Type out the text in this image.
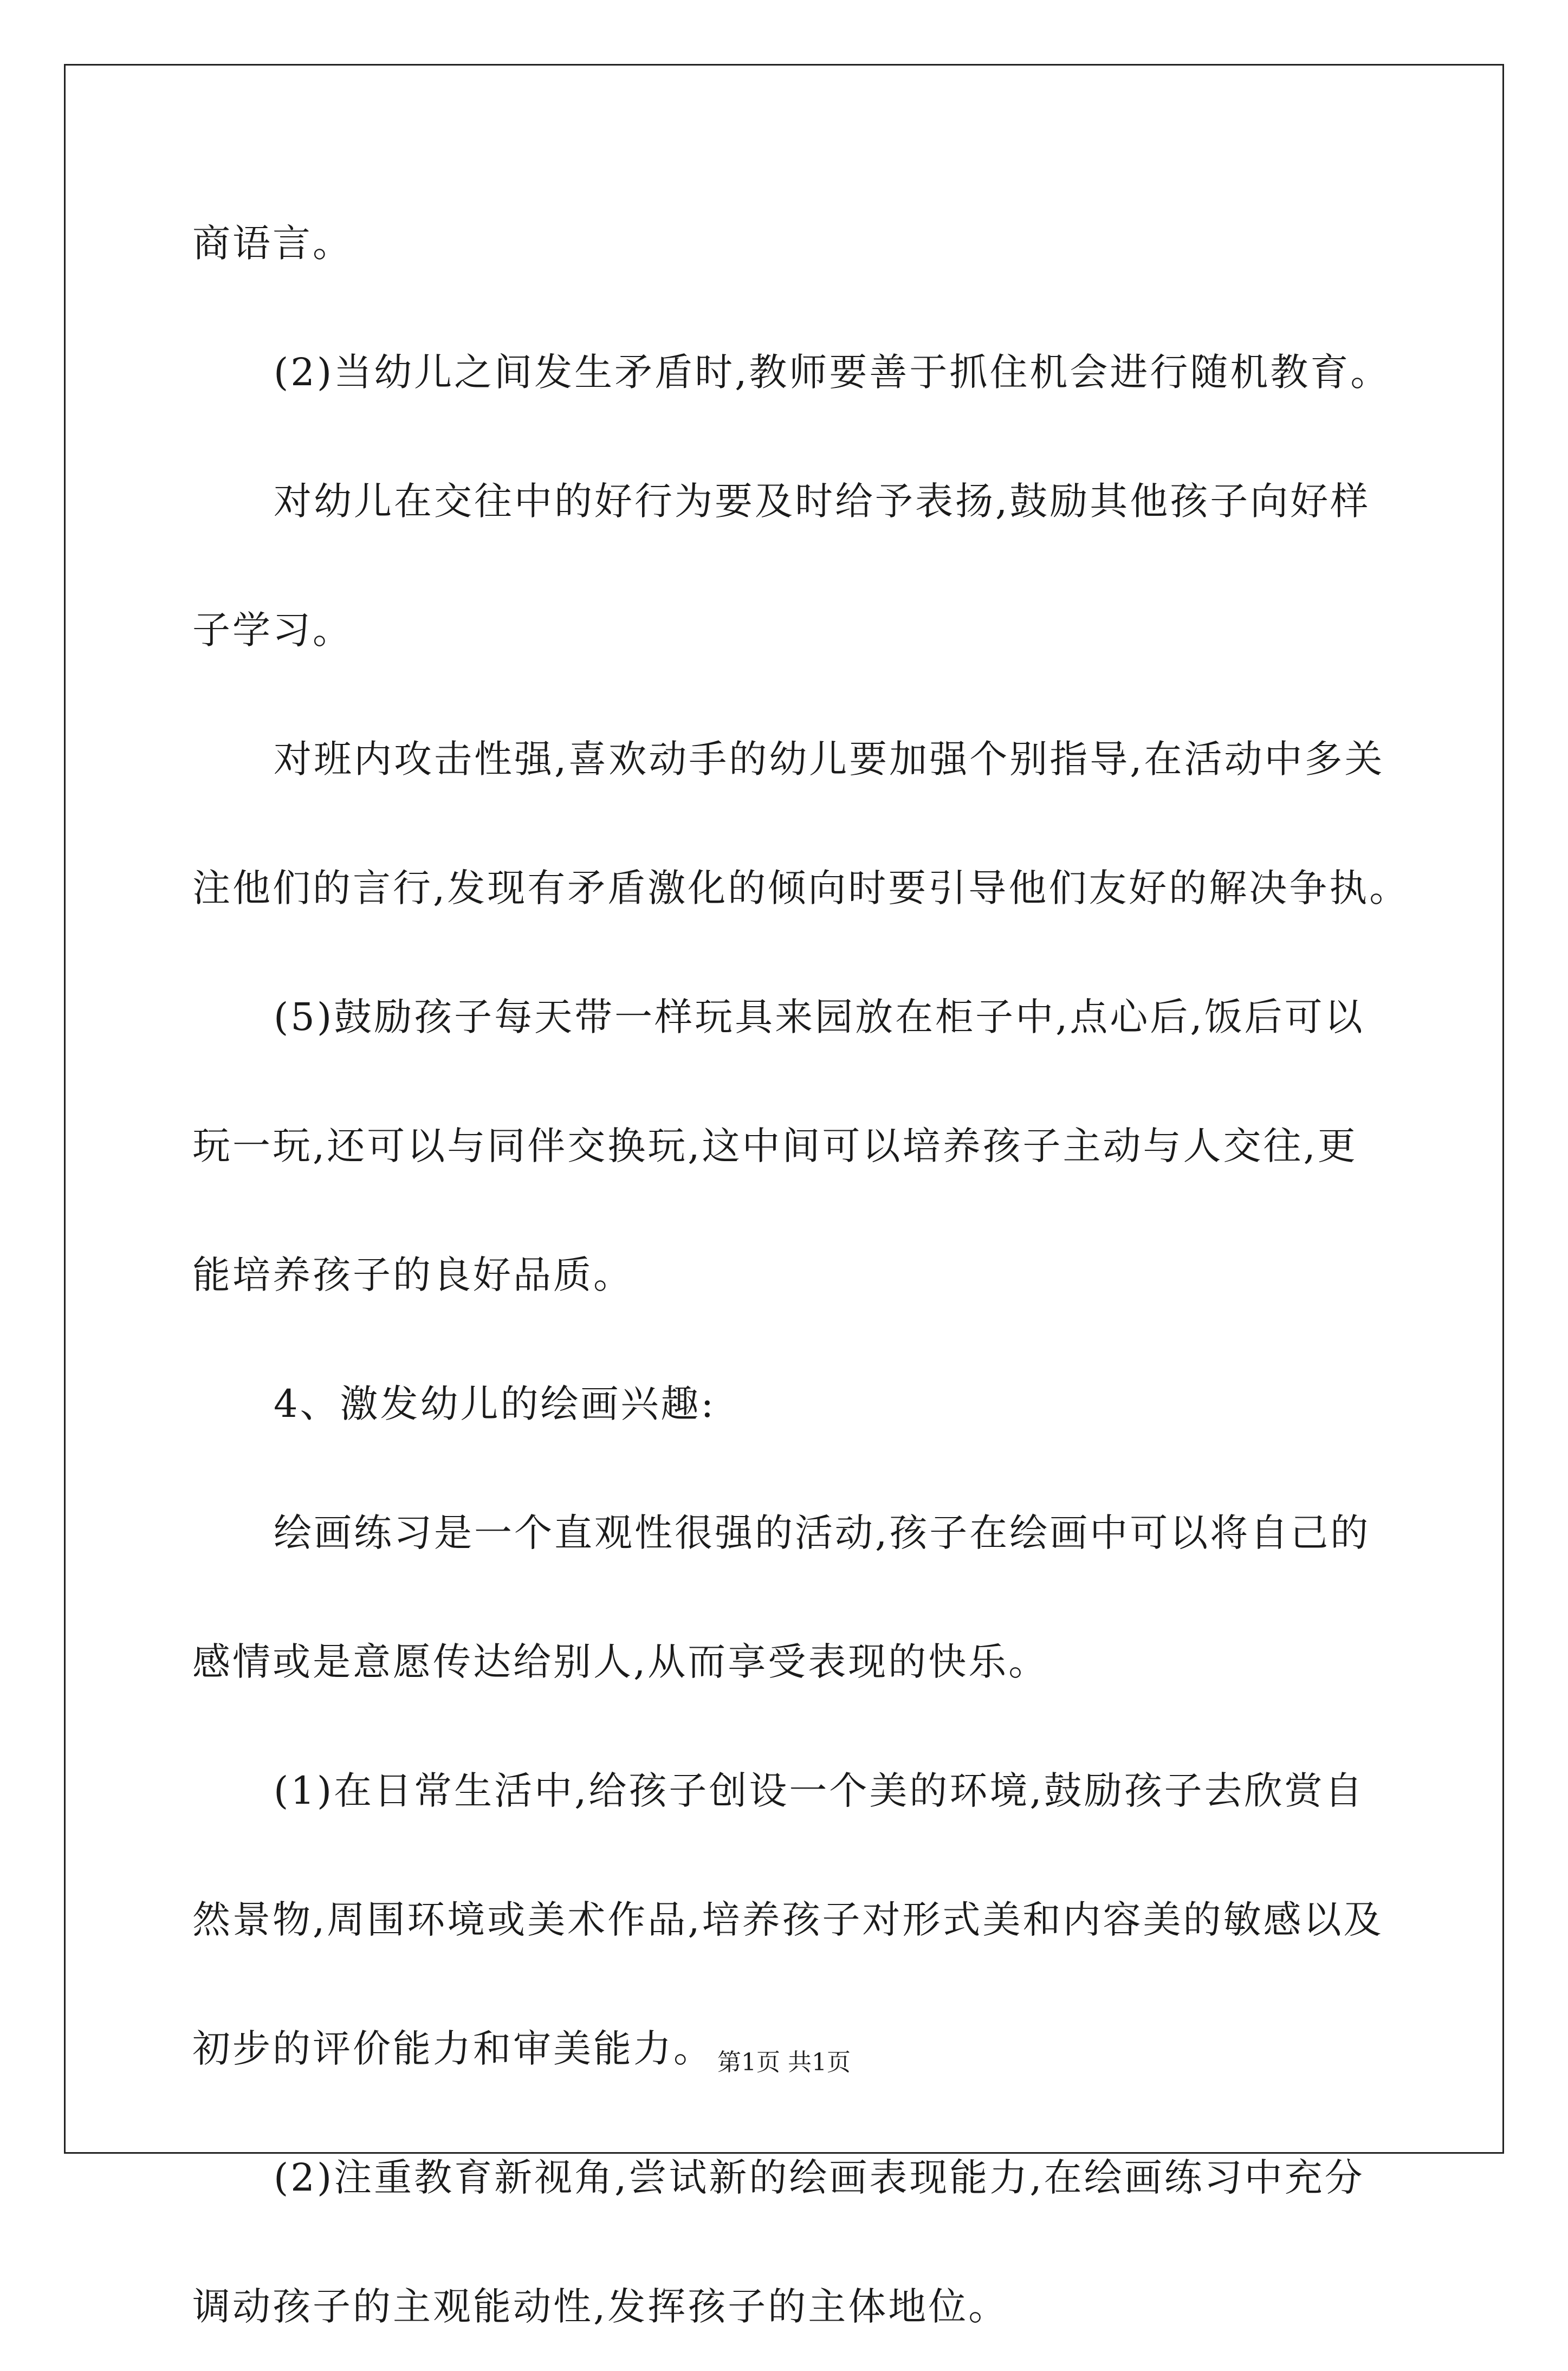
商语言。

(2)当幼儿之间发生矛盾时,教师要善于抓住机会进行随机教育。

对幼儿在交往中的好行为要及时给予表扬,鼓励其他孩子向好样

子学习。

对班内攻击性强,喜欢动手的幼儿要加强个别指导,在活动中多关

注他们的言行,发现有矛盾激化的倾向时要引导他们友好的解决争执。

(5)鼓励孩子每天带一样玩具来园放在柜子中,点心后,饭后可以

玩一玩,还可以与同伴交换玩,这中间可以培养孩子主动与人交往,更

能培养孩子的良好品质。

4、激发幼儿的绘画兴趣:

绘画练习是一个直观性很强的活动,孩子在绘画中可以将自己的

感情或是意愿传达给别人,从而享受表现的快乐。

(1)在日常生活中,给孩子创设一个美的环境,鼓励孩子去欣赏自

然景物,周围环境或美术作品,培养孩子对形式美和内容美的敏感以及

初步的评价能力和审美能力。

(2)注重教育新视角,尝试新的绘画表现能力,在绘画练习中充分

调动孩子的主观能动性,发挥孩子的主体地位。

第1页 共1页
